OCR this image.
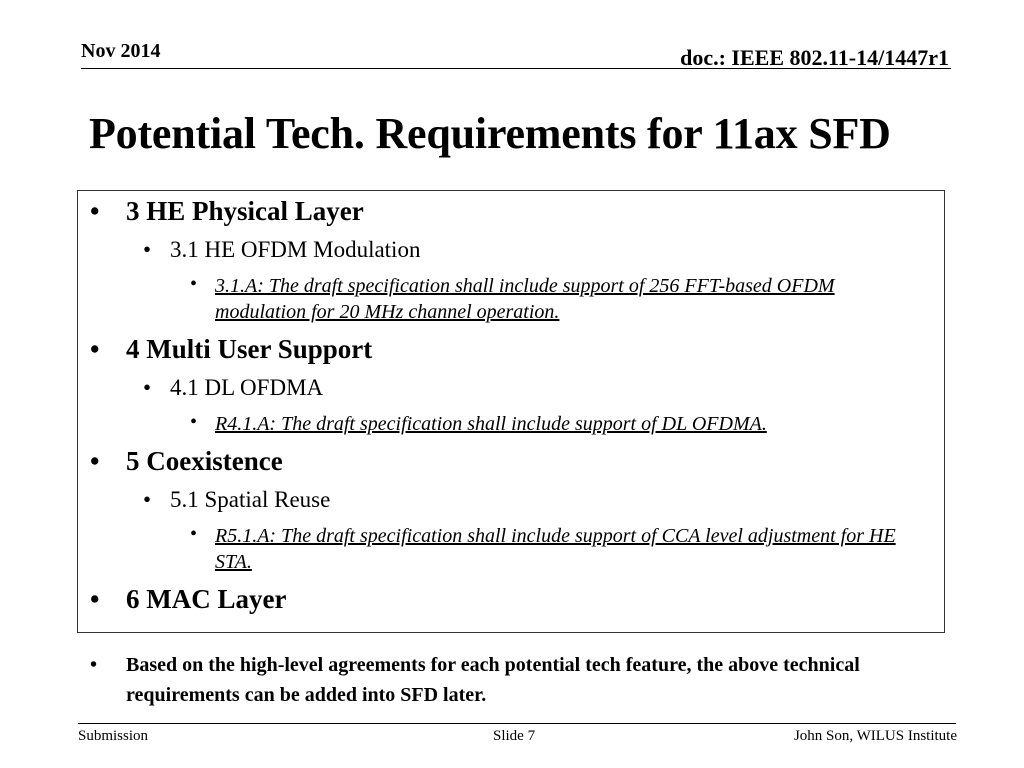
Nov 2014	doc.: IEEE 802.11-14/1447r1
Potential Tech. Requirements for 11ax SFD
• 3 HE Physical Layer
• 3.1 HE OFDM Modulation
• 3.1.A: The draft specification shall include support of 256 FFT-based OFDM modulation for 20 MHz channel operation.
• 4 Multi User Support
• 4.1 DL OFDMA
• R4.1.A: The draft specification shall include support of DL OFDMA.
• 5 Coexistence
• 5.1 Spatial Reuse
• R5.1.A: The draft specification shall include support of CCA level adjustment for HE STA.
• 6 MAC Layer
• Based on the high-level agreements for each potential tech feature, the above technical requirements can be added into SFD later.
Submission	Slide 7	John Son, WILUS Institute
